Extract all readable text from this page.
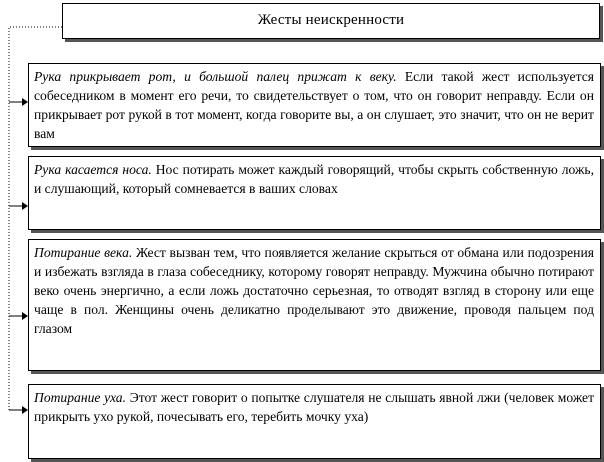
Жесты неискренности

Рука прикрывает рот, и большой палец прижат к веку. Если такой жест используется собеседником в момент его речи, то свидетельствует о том, что он говорит неправду. Если он прикрывает рот рукой в тот момент, когда говорите вы, а он слушает, это значит, что он не верит вам

Рука касается носа. Нос потирать может каждый говорящий, чтобы скрыть собственную ложь, и слушающий, который сомневается в ваших словах

Потирание века. Жест вызван тем, что появляется желание скрыться от обмана или подозрения и избежать взгляда в глаза собеседнику, которому говорят неправду. Мужчина обычно потирают веко очень энергично, а если ложь достаточно серьезная, то отводят взгляд в сторону или еще чаще в пол. Женщины очень деликатно проделывают это движение, проводя пальцем под глазом

Потирание уха. Этот жест говорит о попытке слушателя не слышать явной лжи (человек может прикрыть ухо рукой, почесывать его, теребить мочку уха)
